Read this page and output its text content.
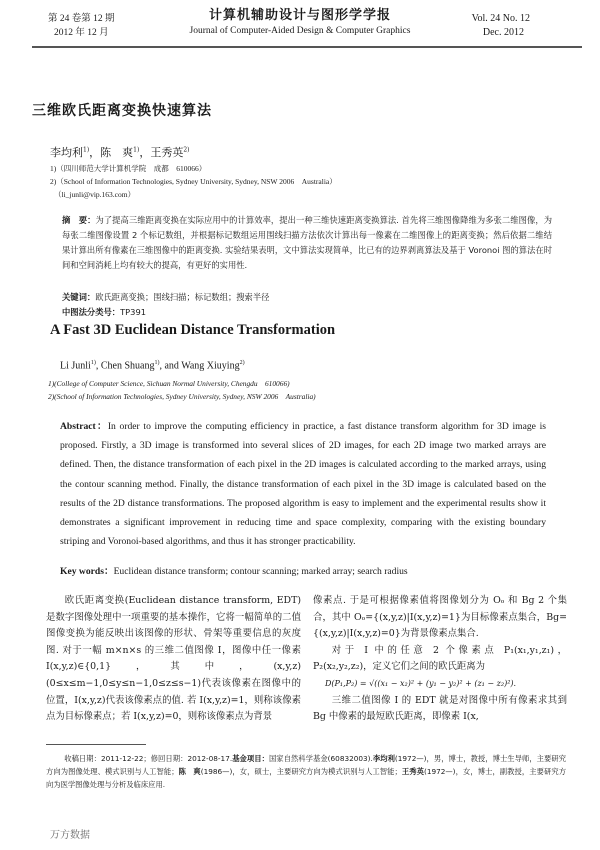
第 24 卷第 12 期
2012 年 12 月
计算机辅助设计与图形学学报
Journal of Computer-Aided Design & Computer Graphics
Vol. 24 No. 12
Dec. 2012
三维欧氏距离变换快速算法
李均利$^{1)}$，陈　爽$^{1)}$，王秀英$^{2)}$
1)（四川师范大学计算机学院　成都　610066）
2)（School of Information Technologies, Sydney University, Sydney, NSW 2006　Australia）
（li_junli@vip.163.com）
摘　要：为了提高三维距离变换在实际应用中的计算效率，提出一种三维快速距离变换算法. 首先将三维图像降维为多张二维图像，为每张二维图像设置 2 个标记数组，并根据标记数组运用围线扫描方法依次计算出每一像素在二维图像上的距离变换；然后依据二维结果计算出所有像素在三维图像中的距离变换. 实验结果表明，文中算法实现简单，比已有的边界剥离算法及基于 Voronoi 图的算法在时间和空间消耗上均有较大的提高，有更好的实用性.
关键词：欧氏距离变换；围线扫描；标记数组；搜索半径
中图法分类号：TP391
A Fast 3D Euclidean Distance Transformation
Li Junli$^{1)}$, Chen Shuang$^{1)}$, and Wang Xiuying$^{2)}$
1)(College of Computer Science, Sichuan Normal University, Chengdu　610066)
2)(School of Information Technologies, Sydney University, Sydney, NSW 2006　Australia)
Abstract：In order to improve the computing efficiency in practice, a fast distance transform algorithm for 3D image is proposed. Firstly, a 3D image is transformed into several slices of 2D images, for each 2D image two marked arrays are defined. Then, the distance transformation of each pixel in the 2D images is calculated according to the marked arrays, using the contour scanning method. Finally, the distance transformation of each pixel in the 3D image is calculated based on the results of the 2D distance transformations. The proposed algorithm is easy to implement and the experimental results show it demonstrates a significant improvement in reducing time and space complexity, comparing with the existing boundary striping and Voronoi-based algorithms, and thus it has stronger practicability.
Key words：Euclidean distance transform; contour scanning; marked array; search radius

欧氏距离变换(Euclidean distance transform, EDT)是数字图像处理中一项重要的基本操作，它将一幅简单的二值图像变换为能反映出该图像的形状、骨架等重要信息的灰度图. 对于一幅 m×n×s 的三维二值图像 I，图像中任一像素 I(x,y,z)∈{0,1}，其中，(x,y,z)(0≤x≤m−1,0≤y≤n−1,0≤z≤s−1)代表该像素在图像中的位置，I(x,y,z)代表该像素点的值. 若 I(x,y,z)=1，则称该像素点为目标像素点；若 I(x,y,z)=0，则称该像素点为背景

像素点. 于是可根据像素值将图像划分为 Oₒ 和 Bg 2 个集合，其中 Oₒ={(x,y,z)|I(x,y,z)=1}为目标像素点集合，Bg={(x,y,z)|I(x,y,z)=0}为背景像素点集合.

对于 I 中的任意 2 个像素点 P₁(x₁,y₁,z₁)，P₂(x₂,y₂,z₂)，定义它们之间的欧氏距离为

D(P₁,P₂) = √((x₁ − x₂)² + (y₁ − y₂)² + (z₁ − z₂)²).

三维二值图像 I 的 EDT 就是对图像中所有像素求其到 Bg 中像素的最短欧氏距离，即像素 I(x,

收稿日期：2011-12-22；修回日期：2012-08-17.基金项目：国家自然科学基金(60832003).李均利(1972—)，男，博士，教授，博士生导师，主要研究方向为图像处理、模式识别与人工智能；陈　爽(1986—)，女，硕士，主要研究方向为模式识别与人工智能；王秀英(1972—)，女，博士，副教授，主要研究方向为医学图像处理与分析及临床应用.
万方数据
